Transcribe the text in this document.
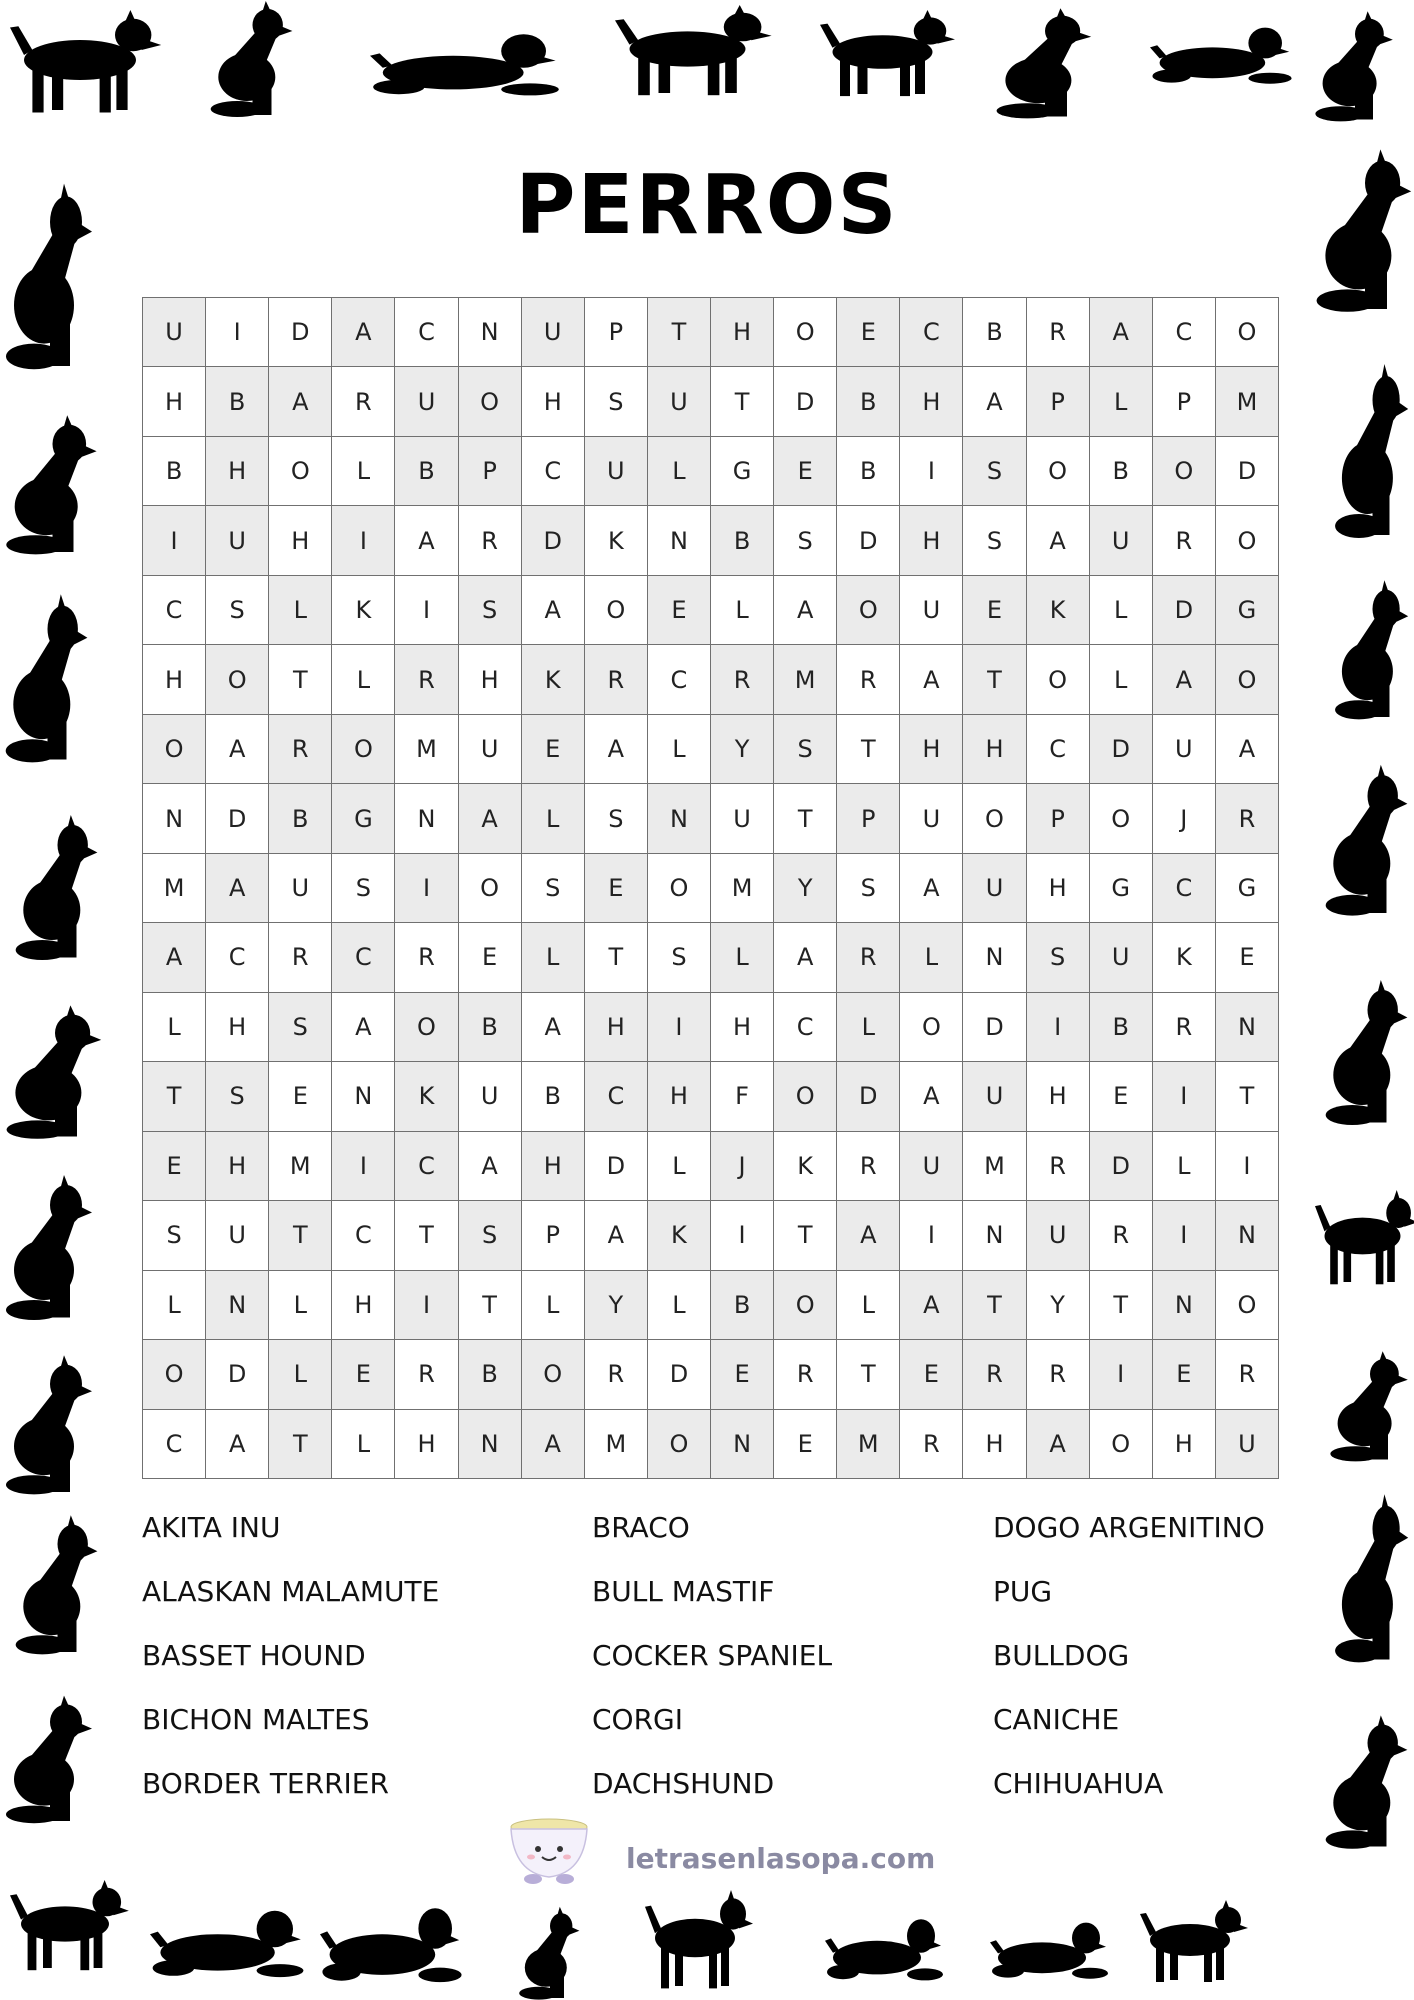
PERROS
U	I	D	A	C	N	U	P	T	H	O	E	C	B	R	A	C	O
H	B	A	R	U	O	H	S	U	T	D	B	H	A	P	L	P	M
B	H	O	L	B	P	C	U	L	G	E	B	I	S	O	B	O	D
I	U	H	I	A	R	D	K	N	B	S	D	H	S	A	U	R	O
C	S	L	K	I	S	A	O	E	L	A	O	U	E	K	L	D	G
H	O	T	L	R	H	K	R	C	R	M	R	A	T	O	L	A	O
O	A	R	O	M	U	E	A	L	Y	S	T	H	H	C	D	U	A
N	D	B	G	N	A	L	S	N	U	T	P	U	O	P	O	J	R
M	A	U	S	I	O	S	E	O	M	Y	S	A	U	H	G	C	G
A	C	R	C	R	E	L	T	S	L	A	R	L	N	S	U	K	E
L	H	S	A	O	B	A	H	I	H	C	L	O	D	I	B	R	N
T	S	E	N	K	U	B	C	H	F	O	D	A	U	H	E	I	T
E	H	M	I	C	A	H	D	L	J	K	R	U	M	R	D	L	I
S	U	T	C	T	S	P	A	K	I	T	A	I	N	U	R	I	N
L	N	L	H	I	T	L	Y	L	B	O	L	A	T	Y	T	N	O
O	D	L	E	R	B	O	R	D	E	R	T	E	R	R	I	E	R
C	A	T	L	H	N	A	M	O	N	E	M	R	H	A	O	H	U
AKITA INU
ALASKAN MALAMUTE
BASSET HOUND
BICHON MALTES
BORDER TERRIER
BRACO
BULL MASTIF
COCKER SPANIEL
CORGI
DACHSHUND
DOGO ARGENITINO
PUG
BULLDOG
CANICHE
CHIHUAHUA
letrasenlasopa.com
